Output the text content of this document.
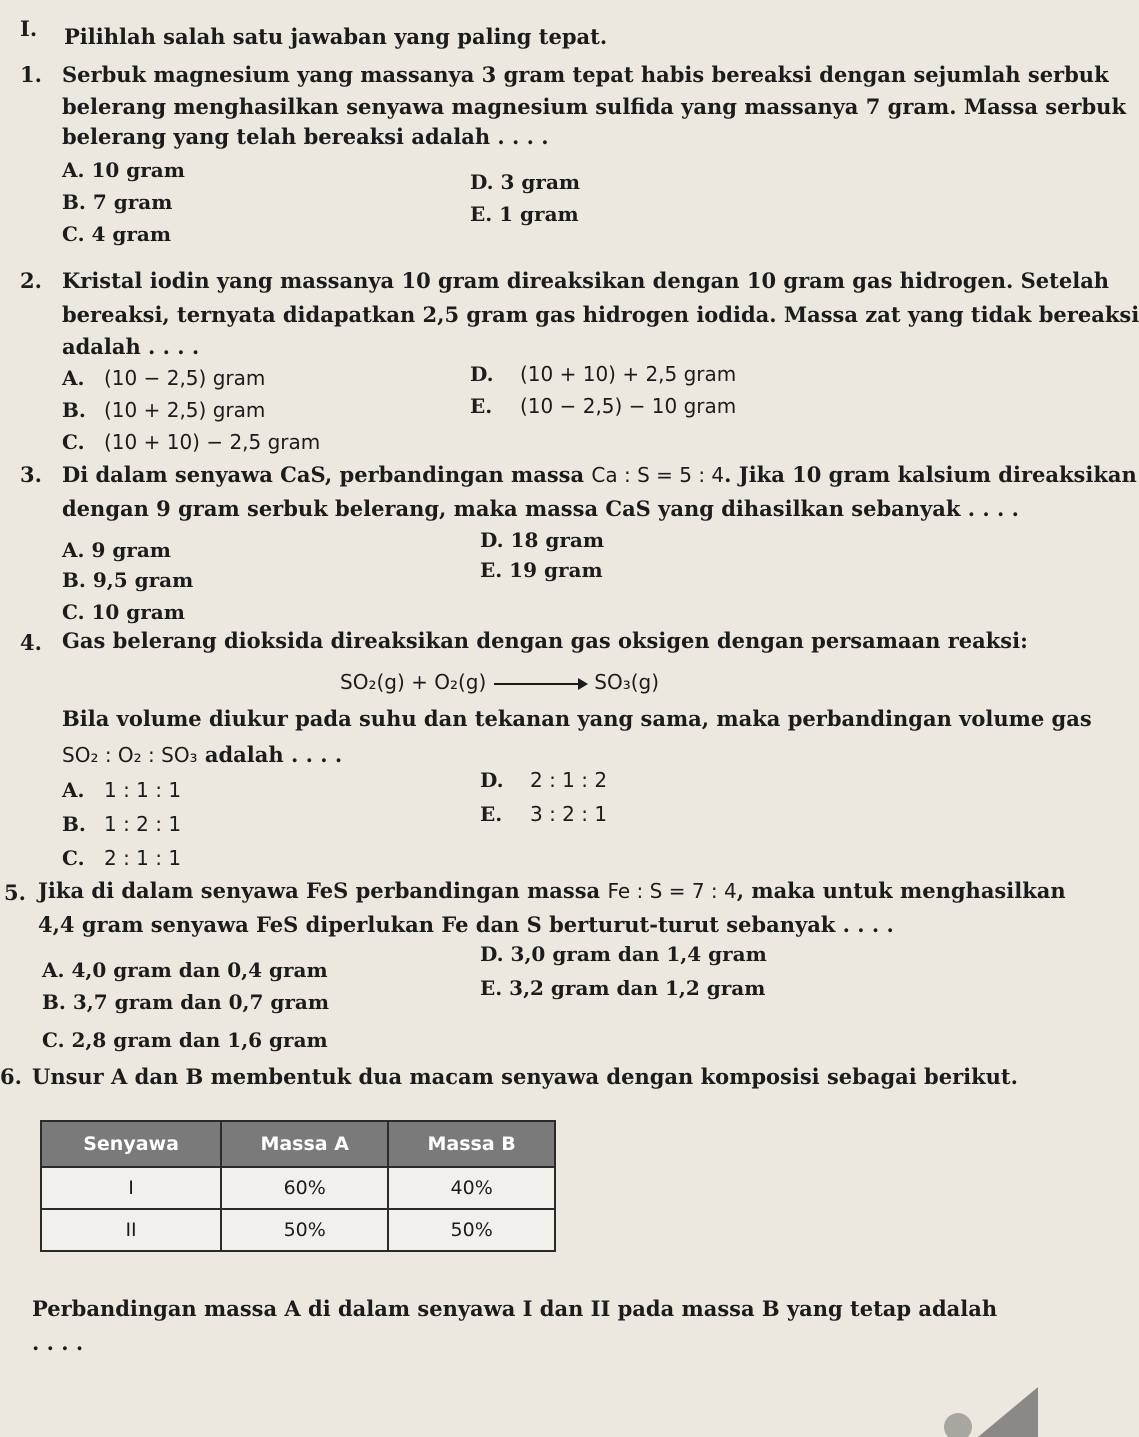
I. Pilihlah salah satu jawaban yang paling tepat.
1. Serbuk magnesium yang massanya 3 gram tepat habis bereaksi dengan sejumlah serbuk
belerang menghasilkan senyawa magnesium sulfida yang massanya 7 gram. Massa serbuk
belerang yang telah bereaksi adalah . . . .
A. 10 gram
B. 7 gram
C. 4 gram
D. 3 gram
E. 1 gram
2. Kristal iodin yang massanya 10 gram direaksikan dengan 10 gram gas hidrogen. Setelah
bereaksi, ternyata didapatkan 2,5 gram gas hidrogen iodida. Massa zat yang tidak bereaksi
adalah . . . .
A. (10 − 2,5) gram
B. (10 + 2,5) gram
C. (10 + 10) − 2,5 gram
D. (10 + 10) + 2,5 gram
E. (10 − 2,5) − 10 gram
3. Di dalam senyawa CaS, perbandingan massa Ca : S = 5 : 4. Jika 10 gram kalsium direaksikan
dengan 9 gram serbuk belerang, maka massa CaS yang dihasilkan sebanyak . . . .
A. 9 gram
B. 9,5 gram
C. 10 gram
D. 18 gram
E. 19 gram
4. Gas belerang dioksida direaksikan dengan gas oksigen dengan persamaan reaksi:
SO₂(g) + O₂(g)	SO₃(g)
Bila volume diukur pada suhu dan tekanan yang sama, maka perbandingan volume gas
SO₂ : O₂ : SO₃ adalah . . . .
A. 1 : 1 : 1
B. 1 : 2 : 1
C. 2 : 1 : 1
D. 2 : 1 : 2
E. 3 : 2 : 1
5. Jika di dalam senyawa FeS perbandingan massa Fe : S = 7 : 4, maka untuk menghasilkan
4,4 gram senyawa FeS diperlukan Fe dan S berturut-turut sebanyak . . . .
A. 4,0 gram dan 0,4 gram
B. 3,7 gram dan 0,7 gram
C. 2,8 gram dan 1,6 gram
D. 3,0 gram dan 1,4 gram
E. 3,2 gram dan 1,2 gram
6. Unsur A dan B membentuk dua macam senyawa dengan komposisi sebagai berikut.
Senyawa	Massa A	Massa B
I	60%	40%
II	50%	50%
Perbandingan massa A di dalam senyawa I dan II pada massa B yang tetap adalah
. . . .
